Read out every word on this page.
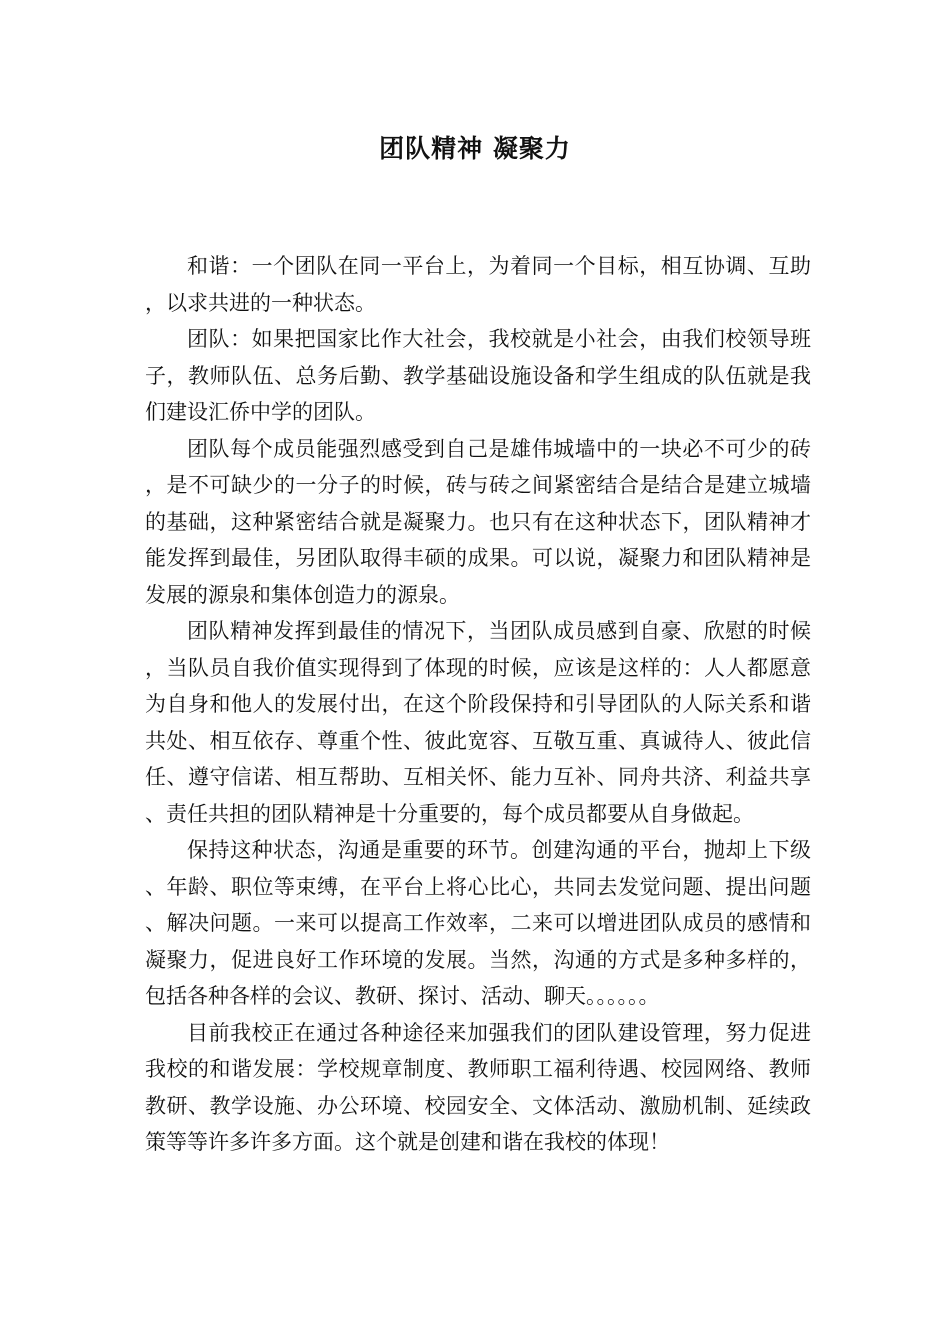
团队精神 凝聚力

和谐：一个团队在同一平台上，为着同一个目标，相互协调、互助，以求共进的一种状态。

团队：如果把国家比作大社会，我校就是小社会，由我们校领导班子，教师队伍、总务后勤、教学基础设施设备和学生组成的队伍就是我们建设汇侨中学的团队。

团队每个成员能强烈感受到自己是雄伟城墙中的一块必不可少的砖，是不可缺少的一分子的时候，砖与砖之间紧密结合是结合是建立城墙的基础，这种紧密结合就是凝聚力。也只有在这种状态下，团队精神才能发挥到最佳，另团队取得丰硕的成果。可以说，凝聚力和团队精神是发展的源泉和集体创造力的源泉。

团队精神发挥到最佳的情况下，当团队成员感到自豪、欣慰的时候，当队员自我价值实现得到了体现的时候，应该是这样的：人人都愿意为自身和他人的发展付出，在这个阶段保持和引导团队的人际关系和谐共处、相互依存、尊重个性、彼此宽容、互敬互重、真诚待人、彼此信任、遵守信诺、相互帮助、互相关怀、能力互补、同舟共济、利益共享、责任共担的团队精神是十分重要的，每个成员都要从自身做起。

保持这种状态，沟通是重要的环节。创建沟通的平台，抛却上下级、年龄、职位等束缚，在平台上将心比心，共同去发觉问题、提出问题、解决问题。一来可以提高工作效率，二来可以增进团队成员的感情和凝聚力，促进良好工作环境的发展。当然，沟通的方式是多种多样的，包括各种各样的会议、教研、探讨、活动、聊天。。。。。。

目前我校正在通过各种途径来加强我们的团队建设管理，努力促进我校的和谐发展：学校规章制度、教师职工福利待遇、校园网络、教师教研、教学设施、办公环境、校园安全、文体活动、激励机制、延续政策等等许多许多方面。这个就是创建和谐在我校的体现！
